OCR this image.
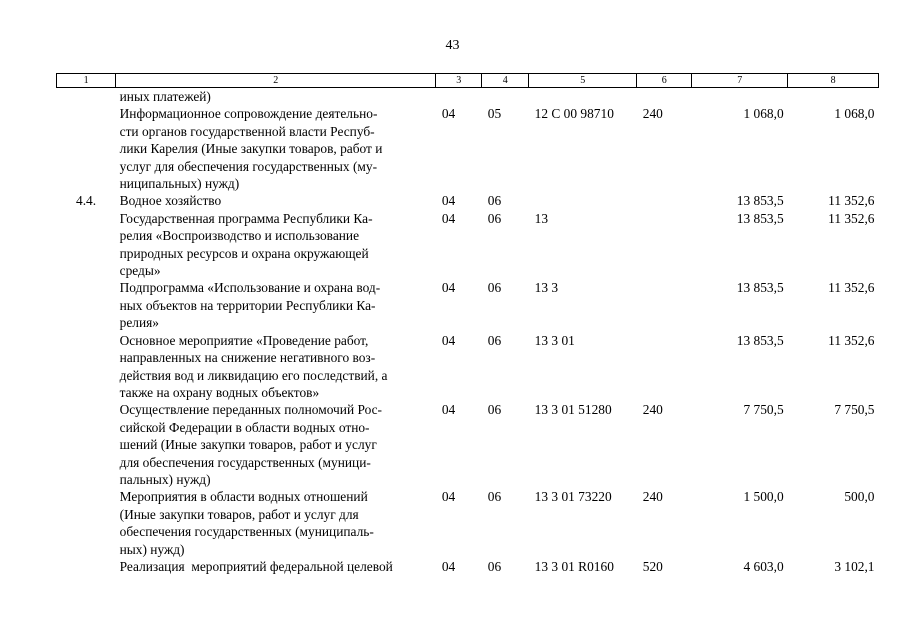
43
1	2	3	4	5	6	7	8
	иных платежей)						
	Информационное сопровождение деятельно-
сти органов государственной власти Респуб-
лики Карелия (Иные закупки товаров, работ и
услуг для обеспечения государственных (му-
ниципальных) нужд)	04	05	12 С 00 98710	240	1 068,0	1 068,0
4.4.	Водное хозяйство	04	06			13 853,5	11 352,6
	Государственная программа Республики Ка-
релия «Воспроизводство и использование
природных ресурсов и охрана окружающей
среды»	04	06	13		13 853,5	11 352,6
	Подпрограмма «Использование и охрана вод-
ных объектов на территории Республики Ка-
релия»	04	06	13 3		13 853,5	11 352,6
	Основное мероприятие «Проведение работ,
направленных на снижение негативного воз-
действия вод и ликвидацию его последствий, а
также на охрану водных объектов»	04	06	13 3 01		13 853,5	11 352,6
	Осуществление переданных полномочий Рос-
сийской Федерации в области водных отно-
шений (Иные закупки товаров, работ и услуг
для обеспечения государственных (муници-
пальных) нужд)	04	06	13 3 01 51280	240	7 750,5	7 750,5
	Мероприятия в области водных отношений
(Иные закупки товаров, работ и услуг для
обеспечения государственных (муниципаль-
ных) нужд)	04	06	13 3 01 73220	240	1 500,0	500,0
	Реализация  мероприятий федеральной целевой	04	06	13 3 01 R0160	520	4 603,0	3 102,1
